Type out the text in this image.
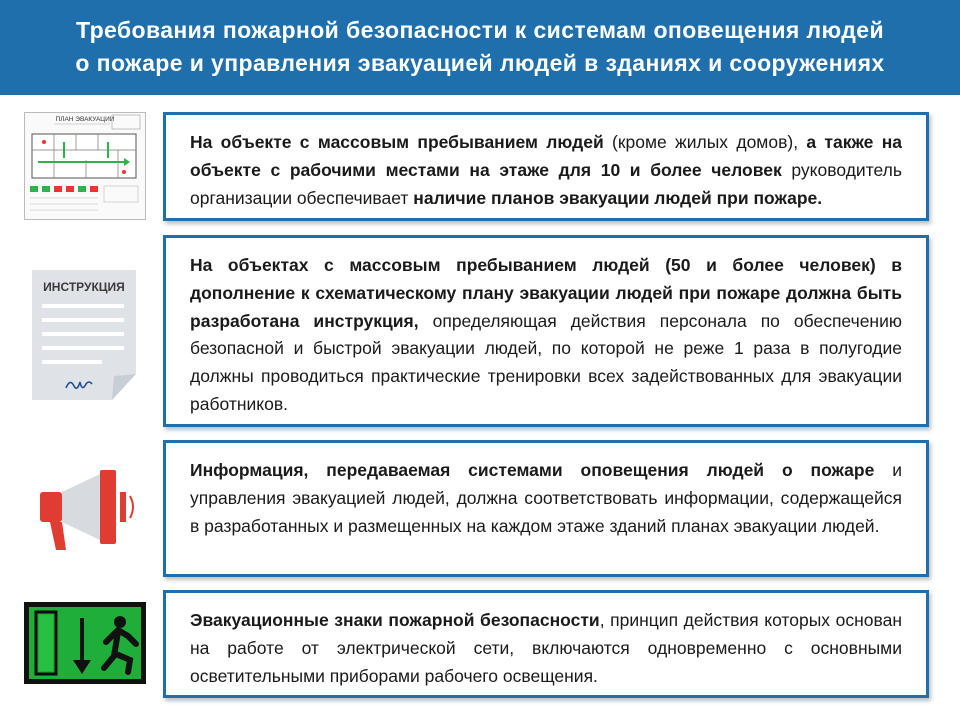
Требования пожарной безопасности к системам оповещения людей
о пожаре и управления эвакуацией людей в зданиях и сооружениях
ПЛАН ЭВАКУАЦИИ
ИНСТРУКЦИЯ
На объекте с массовым пребыванием людей (кроме жилых домов), а также на объекте с рабочими местами на этаже для 10 и более человек руководитель организации обеспечивает наличие планов эвакуации людей при пожаре.
На объектах с массовым пребыванием людей (50 и более человек) в дополнение к схематическому плану эвакуации людей при пожаре должна быть разработана инструкция, определяющая действия персонала по обеспечению безопасной и быстрой эвакуации людей, по которой не реже 1 раза в полугодие должны проводиться практические тренировки всех задействованных для эвакуации работников.
Информация, передаваемая системами оповещения людей о пожаре и управления эвакуацией людей, должна соответствовать информации, содержащейся в разработанных и размещенных на каждом этаже зданий планах эвакуации людей.
Эвакуационные знаки пожарной безопасности, принцип действия которых основан на работе от электрической сети, включаются одновременно с основными осветительными приборами рабочего освещения.
